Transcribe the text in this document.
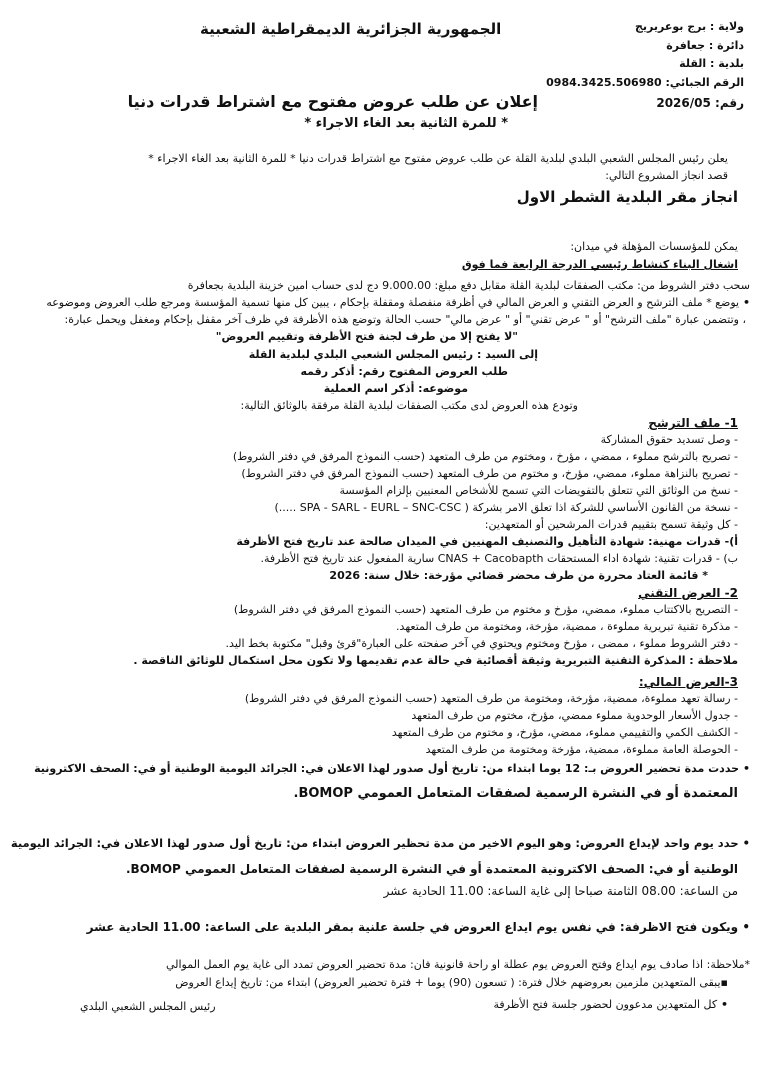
الجمهورية الجزائرية الديمقراطية الشعبية	ولاية : برج بوعريريج
دائرة : جعافرة
بلدية : القلة
الرقم الجبائي: 0984.3425.506980
رقم: 2026/05
إعلان عن طلب عروض مفتوح مع اشتراط قدرات دنيا
* للمرة الثانية بعد الغاء الاجراء *
يعلن رئيس المجلس الشعبي البلدي لبلدية القلة عن طلب عروض مفتوح مع اشتراط قدرات دنيا * للمرة الثانية بعد الغاء الاجراء *
قصد انجاز المشروع التالي:
انجاز مقر البلدية الشطر الاول
يمكن للمؤسسات المؤهلة في ميدان:
اشغال البناء كنشاط رئيسي الدرجة الرابعة فما فوق
سحب دفتر الشروط من: مكتب الصفقات لبلدية القلة مقابل دفع مبلغ: 9.000.00 دج لدى حساب امين خزينة البلدية بجعافرة
• يوضع * ملف الترشح و العرض التقني و العرض المالي في أظرفة منفصلة ومقفلة بإحكام ، يبين كل منها تسمية المؤسسة ومرجع طلب العروض وموضوعه
، وتتضمن عبارة "ملف الترشح" أو " عرض تقني" أو " عرض مالي" حسب الحالة وتوضع هذه الأظرفة في ظرف آخر مقفل بإحكام ومغفل ويحمل عبارة:
"لا يفتح إلا من طرف لجنة فتح الأظرفة وتقييم العروض"
إلى السيد : رئيس المجلس الشعبي البلدي لبلدية القلة
طلب العروض المفتوح رقم: أذكر رقمه
موضوعه: أذكر اسم العملية
وتودع هذه العروض لدى مكتب الصفقات لبلدية القلة مرفقة بالوثائق التالية:
1- ملف الترشح
- وصل تسديد حقوق المشاركة
- تصريح بالترشح مملوء ، ممضي ، مؤرخ ، ومختوم من طرف المتعهد (حسب النموذج المرفق في دفتر الشروط)
- تصريح بالنزاهة مملوء، ممضي، مؤرخ، و مختوم من طرف المتعهد (حسب النموذج المرفق في دفتر الشروط)
- نسخ من الوثائق التي تتعلق بالتفويضات التي تسمح للأشخاص المعنيين بإلزام المؤسسة
- نسخة من القانون الأساسي للشركة اذا تعلق الامر بشركة ( SPA - SARL - EURL – SNC-CSC .....)
- كل وثيقة تسمح بتقييم قدرات المرشحين أو المتعهدين:
أ)- قدرات مهنية: شهادة التأهيل والتصنيف المهنيين في الميدان صالحة عند تاريخ فتح الأظرفة
ب) - قدرات تقنية: شهادة اداء المستحقات CNAS + Cacobapth سارية المفعول عند تاريخ فتح الأظرفة.
* قائمة العتاد محررة من طرف محضر قضائي مؤرخة: خلال سنة: 2026
2- العرض التقني
- التصريح بالاكتتاب مملوء، ممضي، مؤرخ و مختوم من طرف المتعهد (حسب النموذج المرفق في دفتر الشروط)
- مذكرة تقنية تبريرية مملوءة ، ممضية، مؤرخة، ومختومة من طرف المتعهد.
- دفتر الشروط مملوء ، ممضى ، مؤرخ ومختوم ويحتوي في آخر صفحته على العبارة"قرئ وقبل" مكتوبة بخط اليد.
ملاحظة : المذكرة التقنية التبريرية وثيقة أقصائية في حالة عدم تقديمها ولا تكون محل استكمال للوثائق الناقصة .
3-العرض المالي:
- رسالة تعهد مملوءة، ممضية، مؤرخة، ومختومة من طرف المتعهد (حسب النموذج المرفق في دفتر الشروط)
- جدول الأسعار الوحدوية مملوء ممضي، مؤرخ، مختوم من طرف المتعهد
- الكشف الكمي والتقييمي مملوء، ممضي، مؤرخ، و مختوم من طرف المتعهد
- الحوصلة العامة مملوءة، ممضية، مؤرخة ومختومة من طرف المتعهد
• حددت مدة تحضير العروض بـ: 12 يوما ابتداء من: تاريخ أول صدور لهذا الاعلان في: الجرائد اليومية الوطنية أو في: الصحف الاكترونية
المعتمدة أو في النشرة الرسمية لصفقات المتعامل العمومي BOMOP.
• حدد يوم واحد لإيداع العروض: وهو اليوم الاخير من مدة تحظير العروض ابتداء من: تاريخ أول صدور لهذا الاعلان في: الجرائد اليومية
الوطنية أو في: الصحف الاكترونية المعتمدة أو في النشرة الرسمية لصفقات المتعامل العمومي BOMOP.
من الساعة: 08.00 الثامنة صباحا إلى غاية الساعة: 11.00 الحادية عشر
• ويكون فتح الاظرفة: في نفس يوم ايداع العروض في جلسة علنية بمقر البلدية على الساعة: 11.00 الحادية عشر
*ملاحظة: اذا صادف يوم ايداع وفتح العروض يوم عطلة او راحة قانونية فان: مدة تحضير العروض تمدد الى غاية يوم العمل الموالي
▪ يبقى المتعهدين ملزمين بعروضهم خلال فترة: ( تسعون (90) يوما + فترة تحضير العروض) ابتداء من: تاريخ إيداع العروض
• كل المتعهدين مدعوون لحضور جلسة فتح الأظرفة
رئيس المجلس الشعبي البلدي
